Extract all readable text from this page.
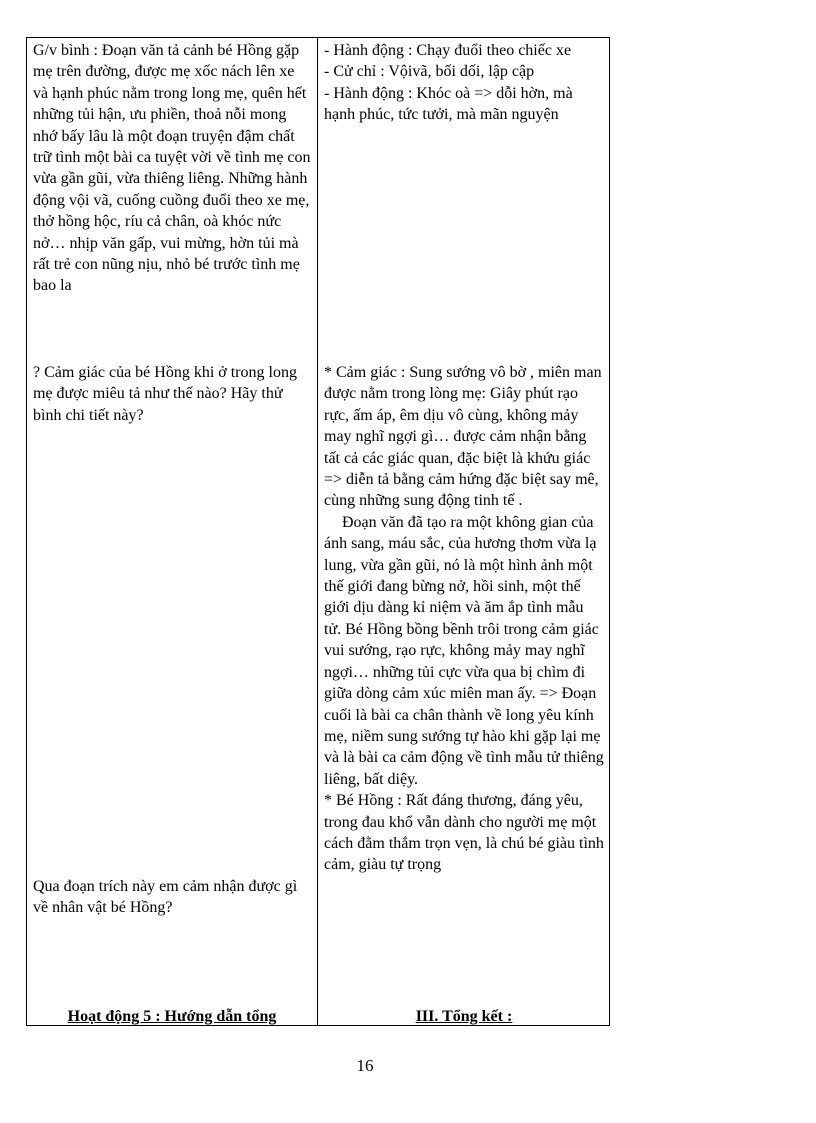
G/v bình : Đoạn văn tả cảnh bé Hồng gặp mẹ trên đường, được mẹ xốc nách lên xe và hạnh phúc nằm trong long mẹ, quên hết những tủi hận, ưu phiền, thoả nỗi mong nhớ bấy lâu là một đoạn truyện đậm chất trữ tình một bài ca tuyệt vời về tình mẹ con vừa gần gũi, vừa thiêng liêng. Những hành động vội vã, cuống cuồng đuổi theo xe mẹ, thở hồng hộc, ríu cả chân, oà khóc nức nở… nhịp văn gấp, vui mừng, hờn tủi mà rất trẻ con nũng nịu, nhỏ bé trước tình mẹ bao la

? Cảm giác của bé Hồng khi ở trong long mẹ được miêu tả như thế nào? Hãy thử bình chi tiết này?

Qua đoạn trích này em cảm nhận được gì về nhân vật bé Hồng?

Hoạt động 5 : Hướng dẫn tổng

- Hành động : Chạy đuổi theo chiếc xe

- Cử chỉ : Vộivã, bối dối, lập cập

- Hành động : Khóc oà => dỗi hờn, mà hạnh phúc, tức tưởi, mà mãn nguyện

* Cảm giác : Sung sướng vô bờ , miên man được nằm trong lòng mẹ: Giây phút rạo rực, ấm áp, êm dịu vô cùng, không mảy may nghĩ ngợi gì… được cảm nhận bằng tất cả các giác quan, đặc biệt là khứu giác => diễn tả bằng cảm hứng đặc biệt say mê, cùng những sung động tinh tế .

Đoạn văn đã tạo ra một không gian của ánh sang, máu sắc, của hương thơm vừa lạ lung, vừa gần gũi, nó là một hình ảnh một thế giới đang bừng nở, hồi sinh, một thế giới dịu dàng kỉ niệm và ăm ắp tình mẫu tử. Bé Hồng bồng bềnh trôi trong cảm giác vui sướng, rạo rực, không mảy may nghĩ ngợi… những tủi cực vừa qua bị chìm đi giữa dòng cảm xúc miên man ấy. => Đoạn cuối là bài ca chân thành về long yêu kính mẹ, niềm sung sướng tự hào khi gặp lại mẹ và là bài ca cảm động về tình mẫu tử thiêng liêng, bất diệy.

* Bé Hồng : Rất đáng thương, đáng yêu, trong đau khổ vẫn dành cho người mẹ một cách đằm thắm trọn vẹn, là chú bé giàu tình cảm, giàu tự trọng

III. Tổng kết :
16
